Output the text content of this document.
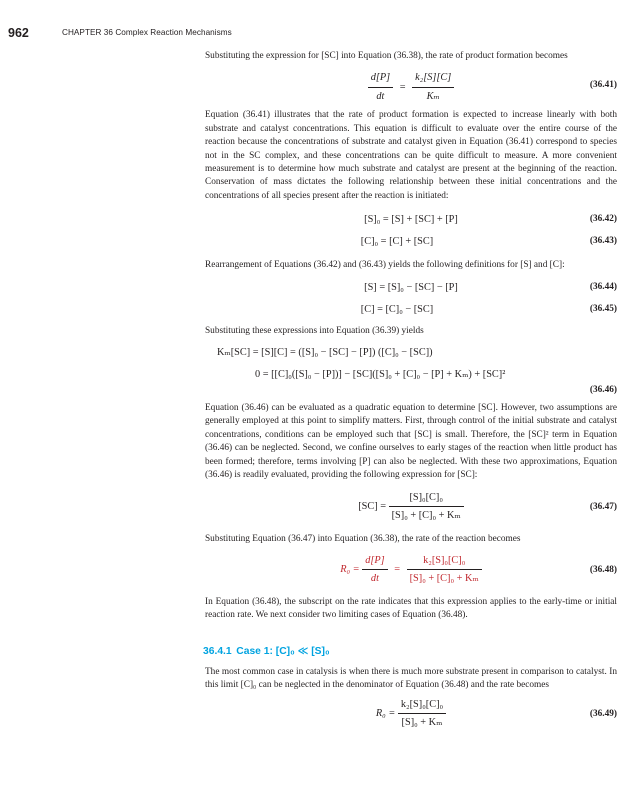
962	CHAPTER 36 Complex Reaction Mechanisms

Substituting the expression for [SC] into Equation (36.38), the rate of product formation becomes

$\frac{d[P]}{dt} = \frac{\text{k₂[S][C]}}{\text{Kₘ}}$	(36.41)

Equation (36.41) illustrates that the rate of product formation is expected to increase linearly with both substrate and catalyst concentrations. This equation is difficult to evaluate over the entire course of the reaction because the concentrations of substrate and catalyst given in Equation (36.41) correspond to species not in the SC complex, and these concentrations can be quite difficult to measure. A more convenient measurement is to determine how much substrate and catalyst are present at the beginning of the reaction. Conservation of mass dictates the following relationship between these initial concentrations and the concentrations of all species present after the reaction is initiated:

[S]₀ = [S] + [SC] + [P]	(36.42)
[C]₀ = [C] + [SC]	(36.43)

Rearrangement of Equations (36.42) and (36.43) yields the following definitions for [S] and [C]:

[S] = [S]₀ − [SC] − [P]	(36.44)
[C] = [C]₀ − [SC]	(36.45)

Substituting these expressions into Equation (36.39) yields

Kₘ[SC] = [S][C] = ([S]₀ − [SC] − [P]) ([C]₀ − [SC])
0 = [[C]₀([S]₀ − [P])] − [SC]([S]₀ + [C]₀ − [P] + Kₘ) + [SC]²
(36.46)

Equation (36.46) can be evaluated as a quadratic equation to determine [SC]. However, two assumptions are generally employed at this point to simplify matters. First, through control of the initial substrate and catalyst concentrations, conditions can be employed such that [SC] is small. Therefore, the [SC]² term in Equation (36.46) can be neglected. Second, we confine ourselves to early stages of the reaction when little product has been formed; therefore, terms involving [P] can also be neglected. With these two approximations, Equation (36.46) is readily evaluated, providing the following expression for [SC]:

$[SC] = \frac{\text{[S]₀[C]₀}}{\text{[S]₀ + [C]₀ + Kₘ}}$	(36.47)

Substituting Equation (36.47) into Equation (36.38), the rate of the reaction becomes

$R_0 = \frac{d[P]}{dt} = \frac{\text{k₂[S]₀[C]₀}}{\text{[S]₀ + [C]₀ + Kₘ}}$	(36.48)

In Equation (36.48), the subscript on the rate indicates that this expression applies to the early-time or initial reaction rate. We next consider two limiting cases of Equation (36.48).

36.4.1 Case 1: [C]₀ ≪ [S]₀

The most common case in catalysis is when there is much more substrate present in comparison to catalyst. In this limit [C]₀ can be neglected in the denominator of Equation (36.48) and the rate becomes

$R_0 = \frac{\text{k₂[S]₀[C]₀}}{\text{[S]₀ + Kₘ}}$	(36.49)
